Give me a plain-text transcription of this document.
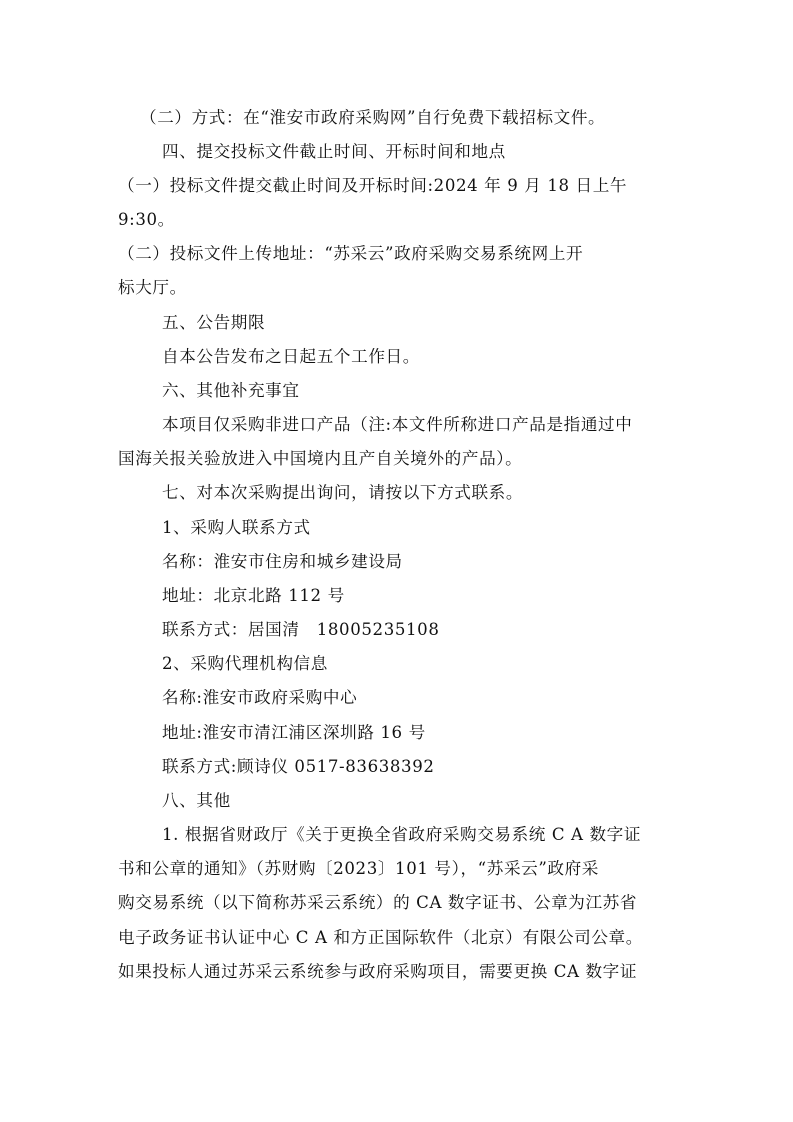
（二）方式：在“淮安市政府采购网”自行免费下载招标文件。
四、提交投标文件截止时间、开标时间和地点
（一）投标文件提交截止时间及开标时间:2024 年 9 月 18 日上午
9:30。
（二）投标文件上传地址：“苏采云”政府采购交易系统网上开
标大厅。
五、公告期限
自本公告发布之日起五个工作日。
六、其他补充事宜
本项目仅采购非进口产品（注:本文件所称进口产品是指通过中
国海关报关验放进入中国境内且产自关境外的产品）。
七、对本次采购提出询问，请按以下方式联系。
1、采购人联系方式
名称：淮安市住房和城乡建设局
地址：北京北路 112 号
联系方式：居国清　18005235108
2、采购代理机构信息
名称:淮安市政府采购中心
地址:淮安市清江浦区深圳路 16 号
联系方式:顾诗仪 0517-83638392
八、其他
1. 根据省财政厅《关于更换全省政府采购交易系统 C A 数字证
书和公章的通知》（苏财购〔2023〕101 号），“苏采云”政府采
购交易系统（以下简称苏采云系统）的 CA 数字证书、公章为江苏省
电子政务证书认证中心 C A 和方正国际软件（北京）有限公司公章。
如果投标人通过苏采云系统参与政府采购项目，需要更换 CA 数字证
